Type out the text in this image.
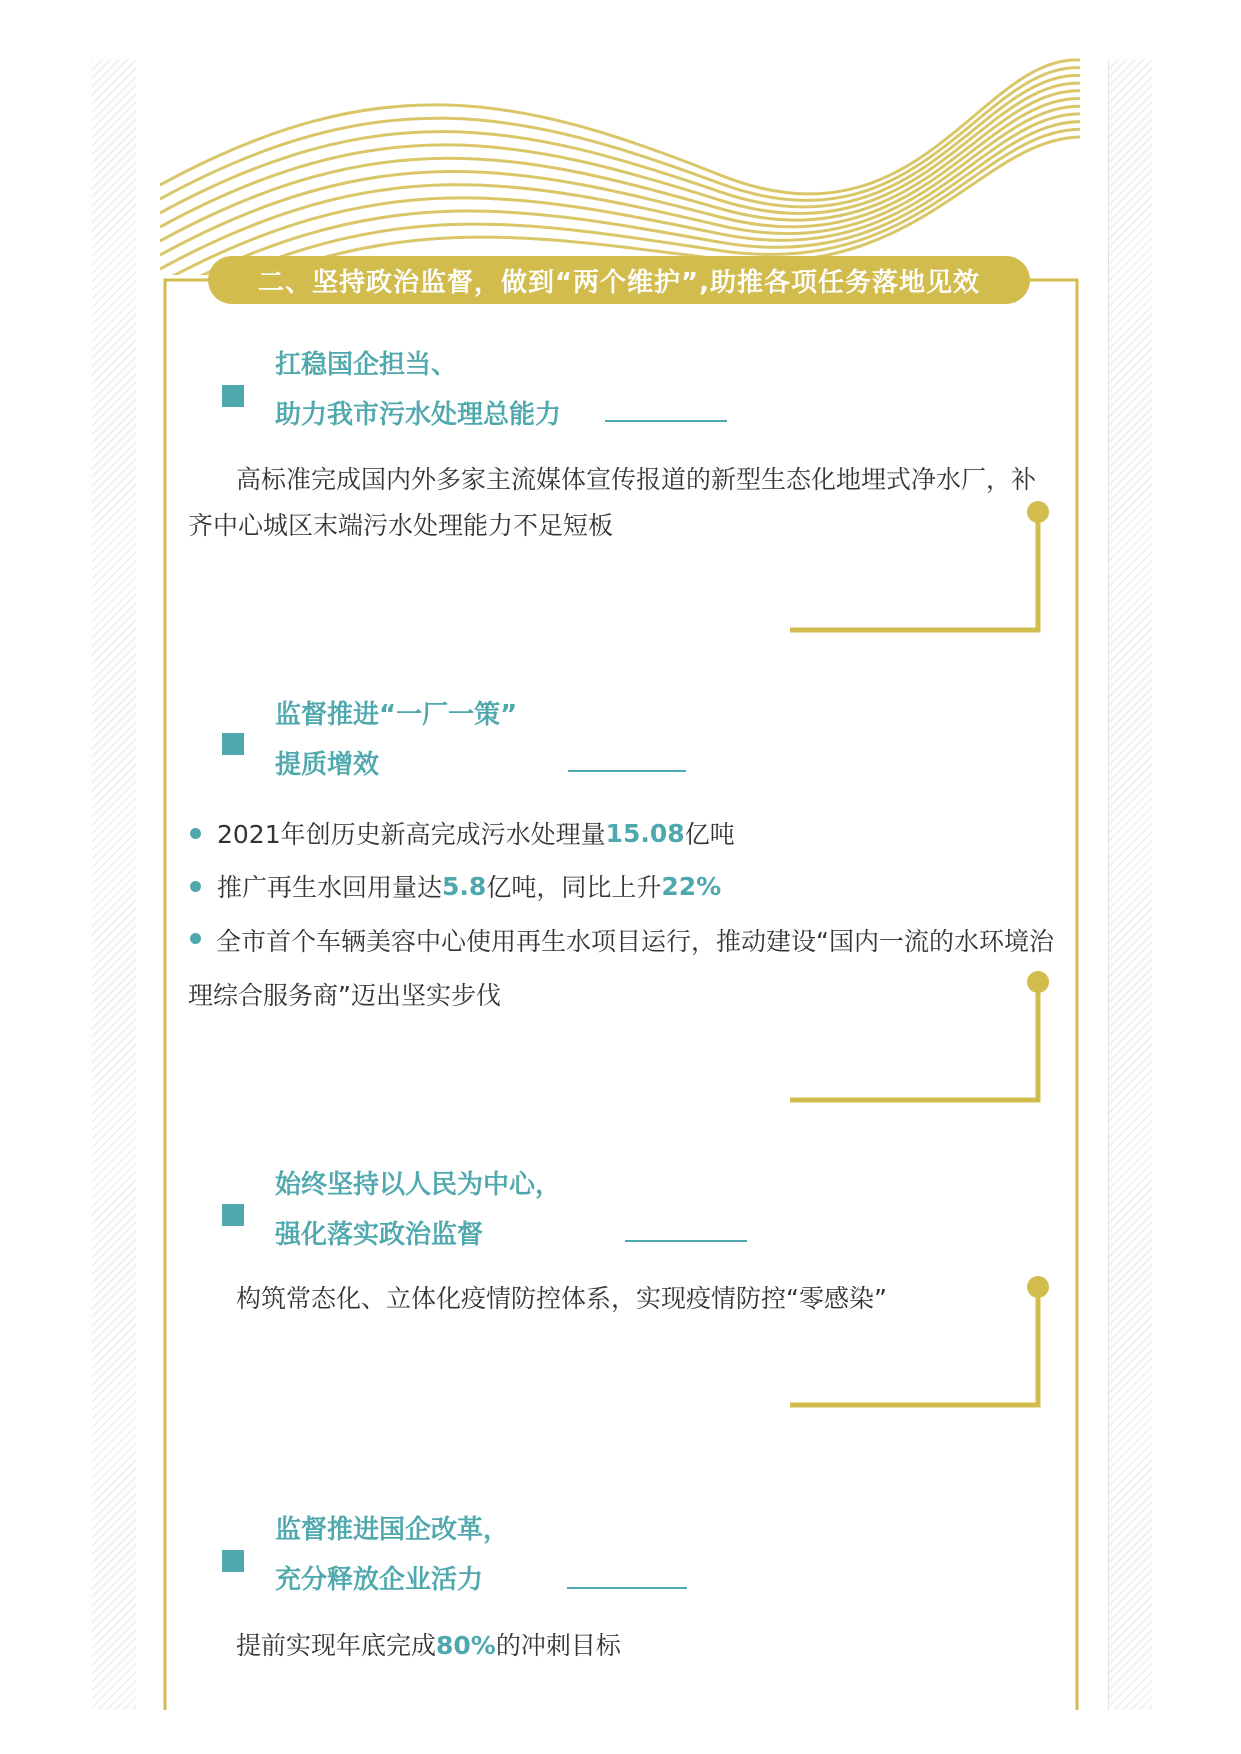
二、坚持政治监督，做到“两个维护”,助推各项任务落地见效
扛稳国企担当、
助力我市污水处理总能力
高标准完成国内外多家主流媒体宣传报道的新型生态化地埋式净水厂，补齐中心城区末端污水处理能力不足短板
监督推进“一厂一策”
提质增效
2021年创历史新高完成污水处理量 15.08 亿吨
推广再生水回用量达 5.8 亿吨，同比上升 22%
全市首个车辆美容中心使用再生水项目运行，推动建设“国内一流的水环境治理综合服务商”迈出坚实步伐
始终坚持以人民为中心，
强化落实政治监督
构筑常态化、立体化疫情防控体系，实现疫情防控“零感染”
监督推进国企改革，
充分释放企业活力
提前实现年底完成80%的冲刺目标
